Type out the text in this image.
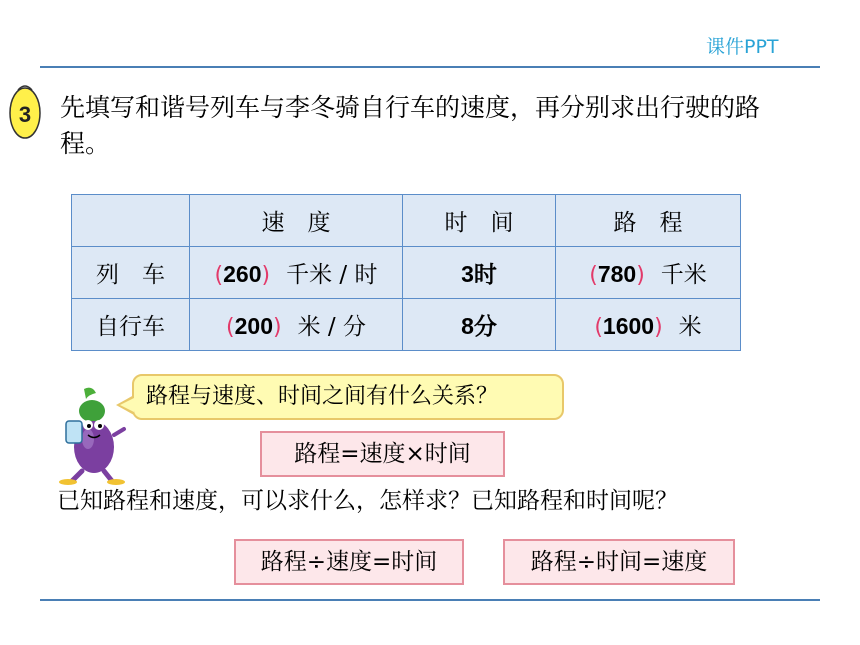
课件PPT
3 先填写和谐号列车与李冬骑自行车的速度，再分别求出行驶的路程。
	速　度	时　间	路　程
列　车	(260) 千米 / 时	3时	(780) 千米
自行车	(200) 米 / 分	8分	(1600) 米
路程与速度、时间之间有什么关系？
路程=速度×时间
已知路程和速度，可以求什么，怎样求？已知路程和时间呢？
路程÷速度=时间	路程÷时间=速度
